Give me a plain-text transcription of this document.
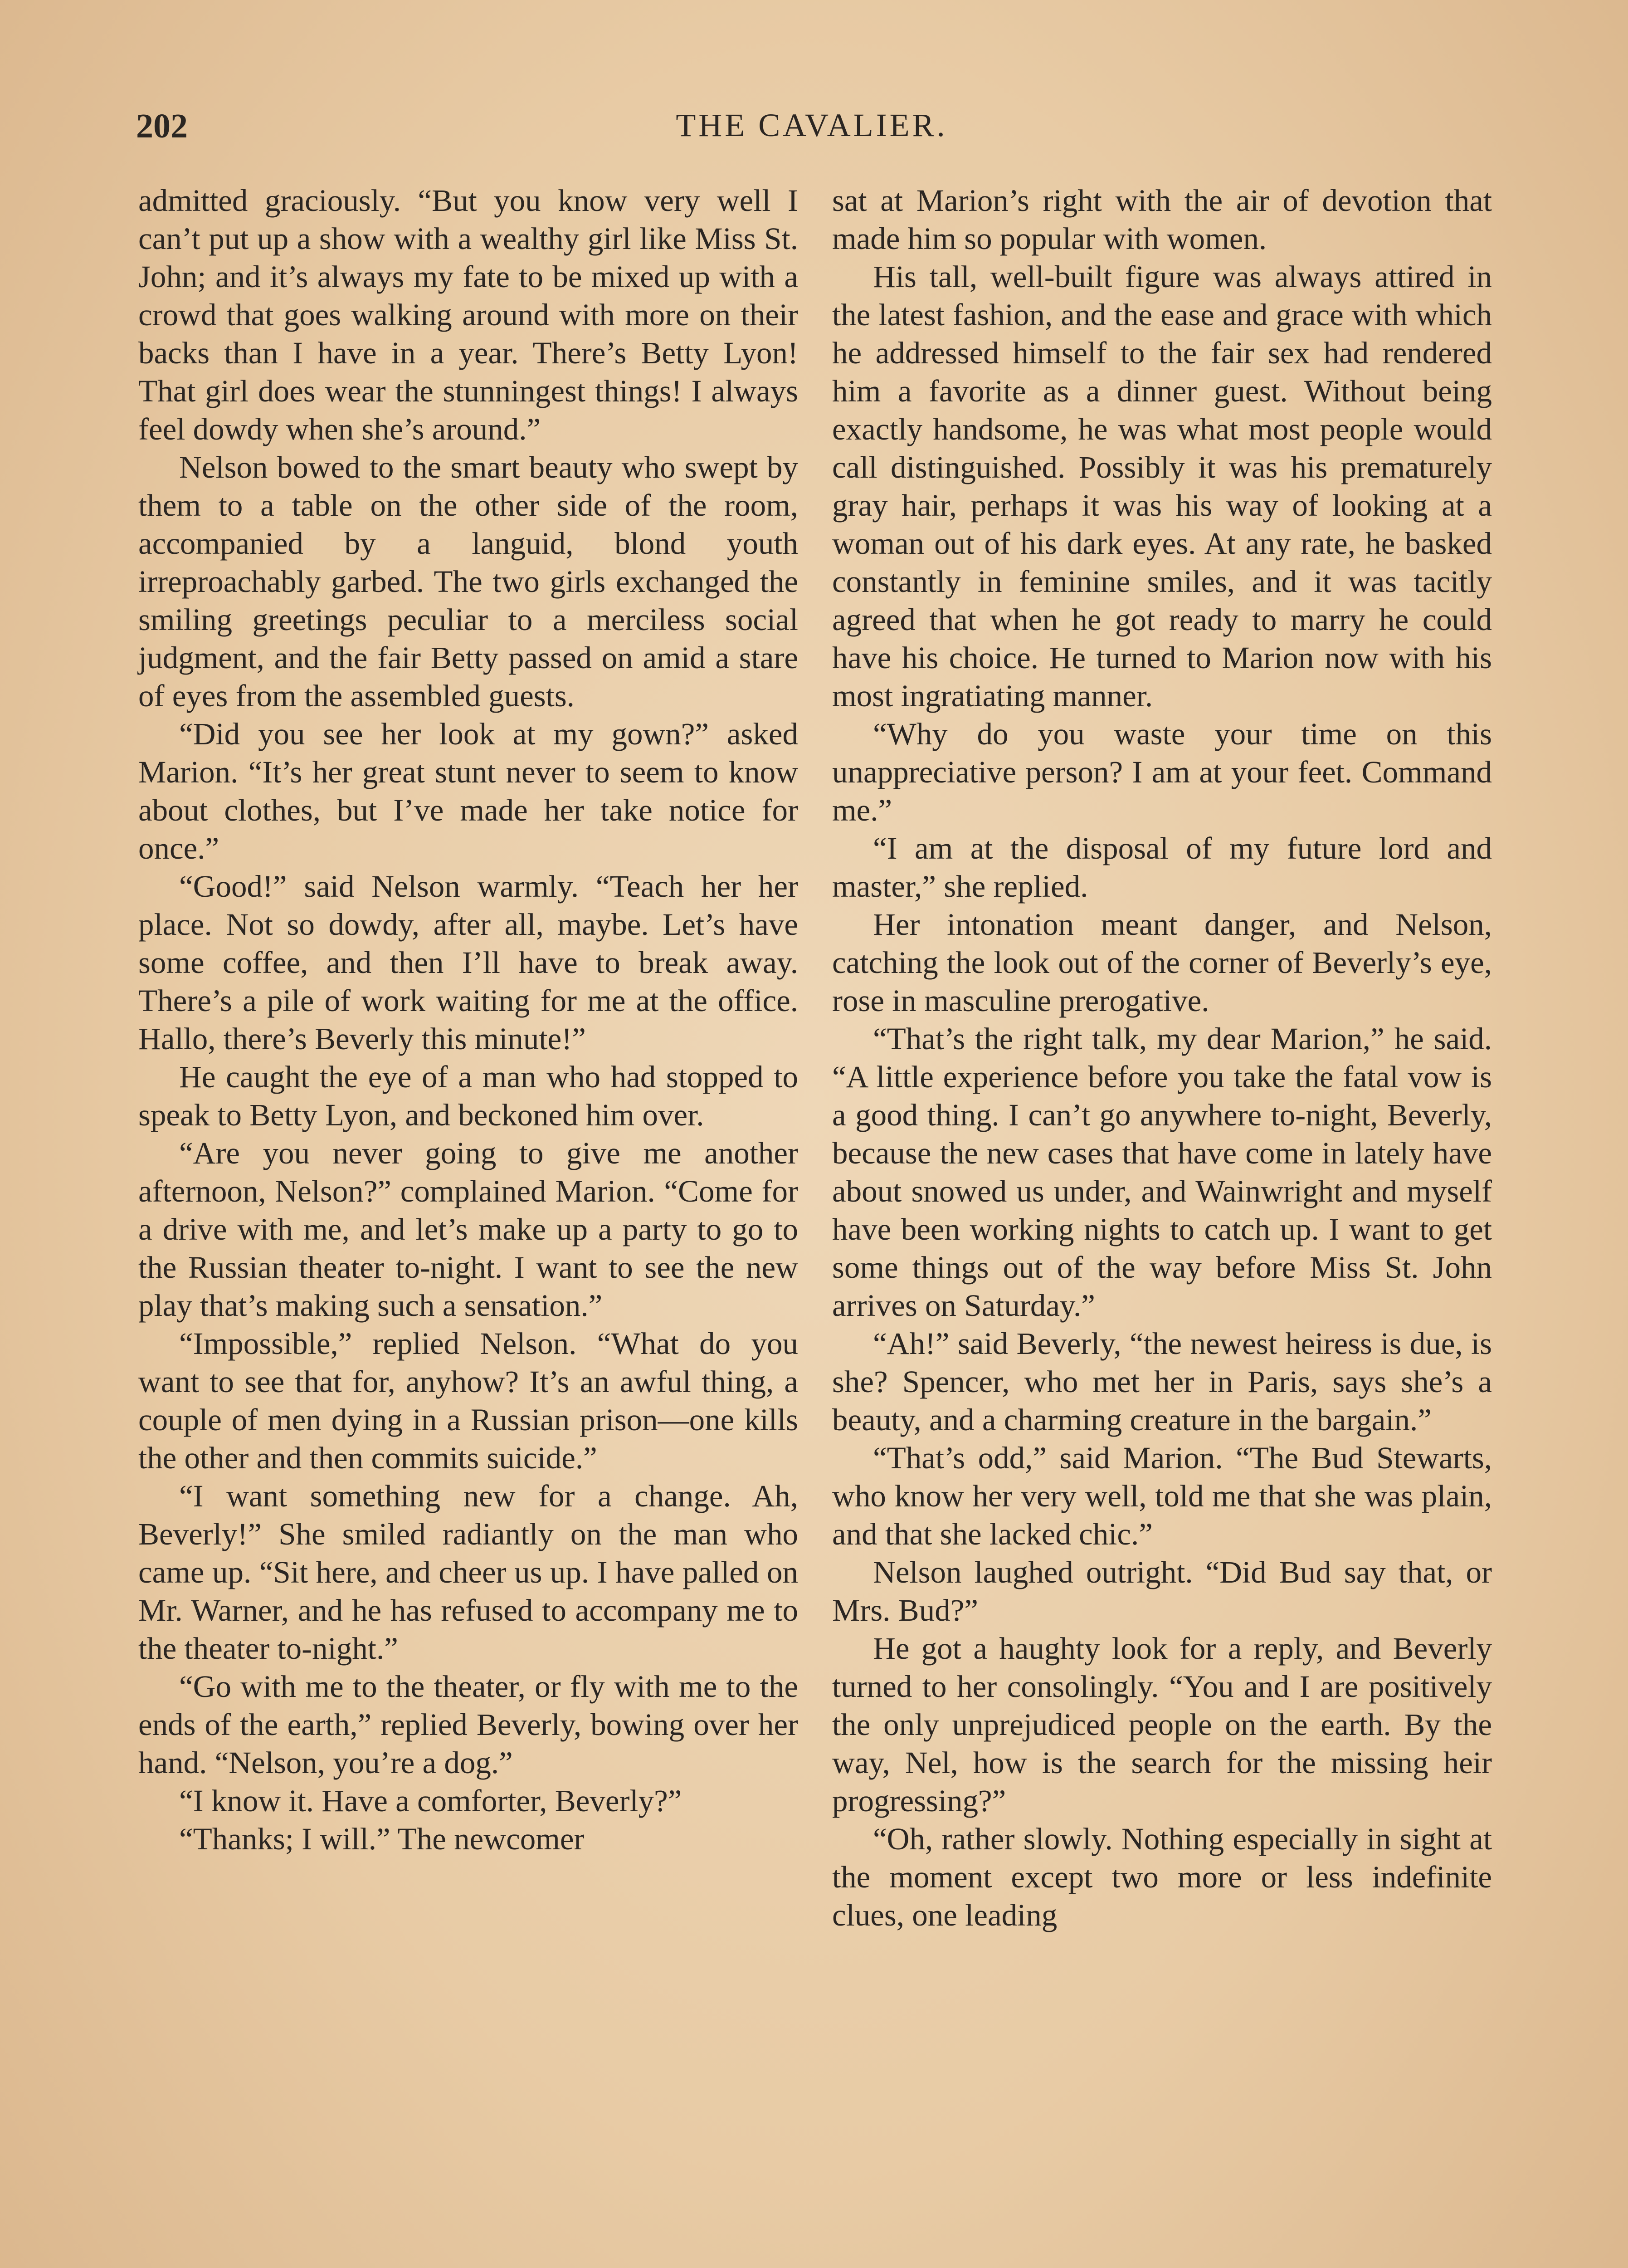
202	THE CAVALIER.

admitted graciously. “But you know very well I can’t put up a show with a wealthy girl like Miss St. John; and it’s always my fate to be mixed up with a crowd that goes walking around with more on their backs than I have in a year. There’s Betty Lyon! That girl does wear the stunningest things! I always feel dowdy when she’s around.”

Nelson bowed to the smart beauty who swept by them to a table on the other side of the room, accompanied by a languid, blond youth irreproachably garbed. The two girls exchanged the smiling greetings peculiar to a merciless social judgment, and the fair Betty passed on amid a stare of eyes from the assembled guests.

“Did you see her look at my gown?” asked Marion. “It’s her great stunt never to seem to know about clothes, but I’ve made her take notice for once.”

“Good!” said Nelson warmly. “Teach her her place. Not so dowdy, after all, maybe. Let’s have some coffee, and then I’ll have to break away. There’s a pile of work waiting for me at the office. Hallo, there’s Beverly this minute!”

He caught the eye of a man who had stopped to speak to Betty Lyon, and beckoned him over.

“Are you never going to give me another afternoon, Nelson?” complained Marion. “Come for a drive with me, and let’s make up a party to go to the Russian theater to-night. I want to see the new play that’s making such a sensation.”

“Impossible,” replied Nelson. “What do you want to see that for, anyhow? It’s an awful thing, a couple of men dying in a Russian prison—one kills the other and then commits suicide.”

“I want something new for a change. Ah, Beverly!” She smiled radiantly on the man who came up. “Sit here, and cheer us up. I have palled on Mr. Warner, and he has refused to accompany me to the theater to-night.”

“Go with me to the theater, or fly with me to the ends of the earth,” replied Beverly, bowing over her hand. “Nelson, you’re a dog.”

“I know it. Have a comforter, Beverly?”

“Thanks; I will.” The newcomer

sat at Marion’s right with the air of devotion that made him so popular with women.

His tall, well-built figure was always attired in the latest fashion, and the ease and grace with which he addressed himself to the fair sex had rendered him a favorite as a dinner guest. Without being exactly handsome, he was what most people would call distinguished. Possibly it was his prematurely gray hair, perhaps it was his way of looking at a woman out of his dark eyes. At any rate, he basked constantly in feminine smiles, and it was tacitly agreed that when he got ready to marry he could have his choice. He turned to Marion now with his most ingratiating manner.

“Why do you waste your time on this unappreciative person? I am at your feet. Command me.”

“I am at the disposal of my future lord and master,” she replied.

Her intonation meant danger, and Nelson, catching the look out of the corner of Beverly’s eye, rose in masculine prerogative.

“That’s the right talk, my dear Marion,” he said. “A little experience before you take the fatal vow is a good thing. I can’t go anywhere to-night, Beverly, because the new cases that have come in lately have about snowed us under, and Wainwright and myself have been working nights to catch up. I want to get some things out of the way before Miss St. John arrives on Saturday.”

“Ah!” said Beverly, “the newest heiress is due, is she? Spencer, who met her in Paris, says she’s a beauty, and a charming creature in the bargain.”

“That’s odd,” said Marion. “The Bud Stewarts, who know her very well, told me that she was plain, and that she lacked chic.”

Nelson laughed outright. “Did Bud say that, or Mrs. Bud?”

He got a haughty look for a reply, and Beverly turned to her consolingly. “You and I are positively the only unprejudiced people on the earth. By the way, Nel, how is the search for the missing heir progressing?”

“Oh, rather slowly. Nothing especially in sight at the moment except two more or less indefinite clues, one leading
